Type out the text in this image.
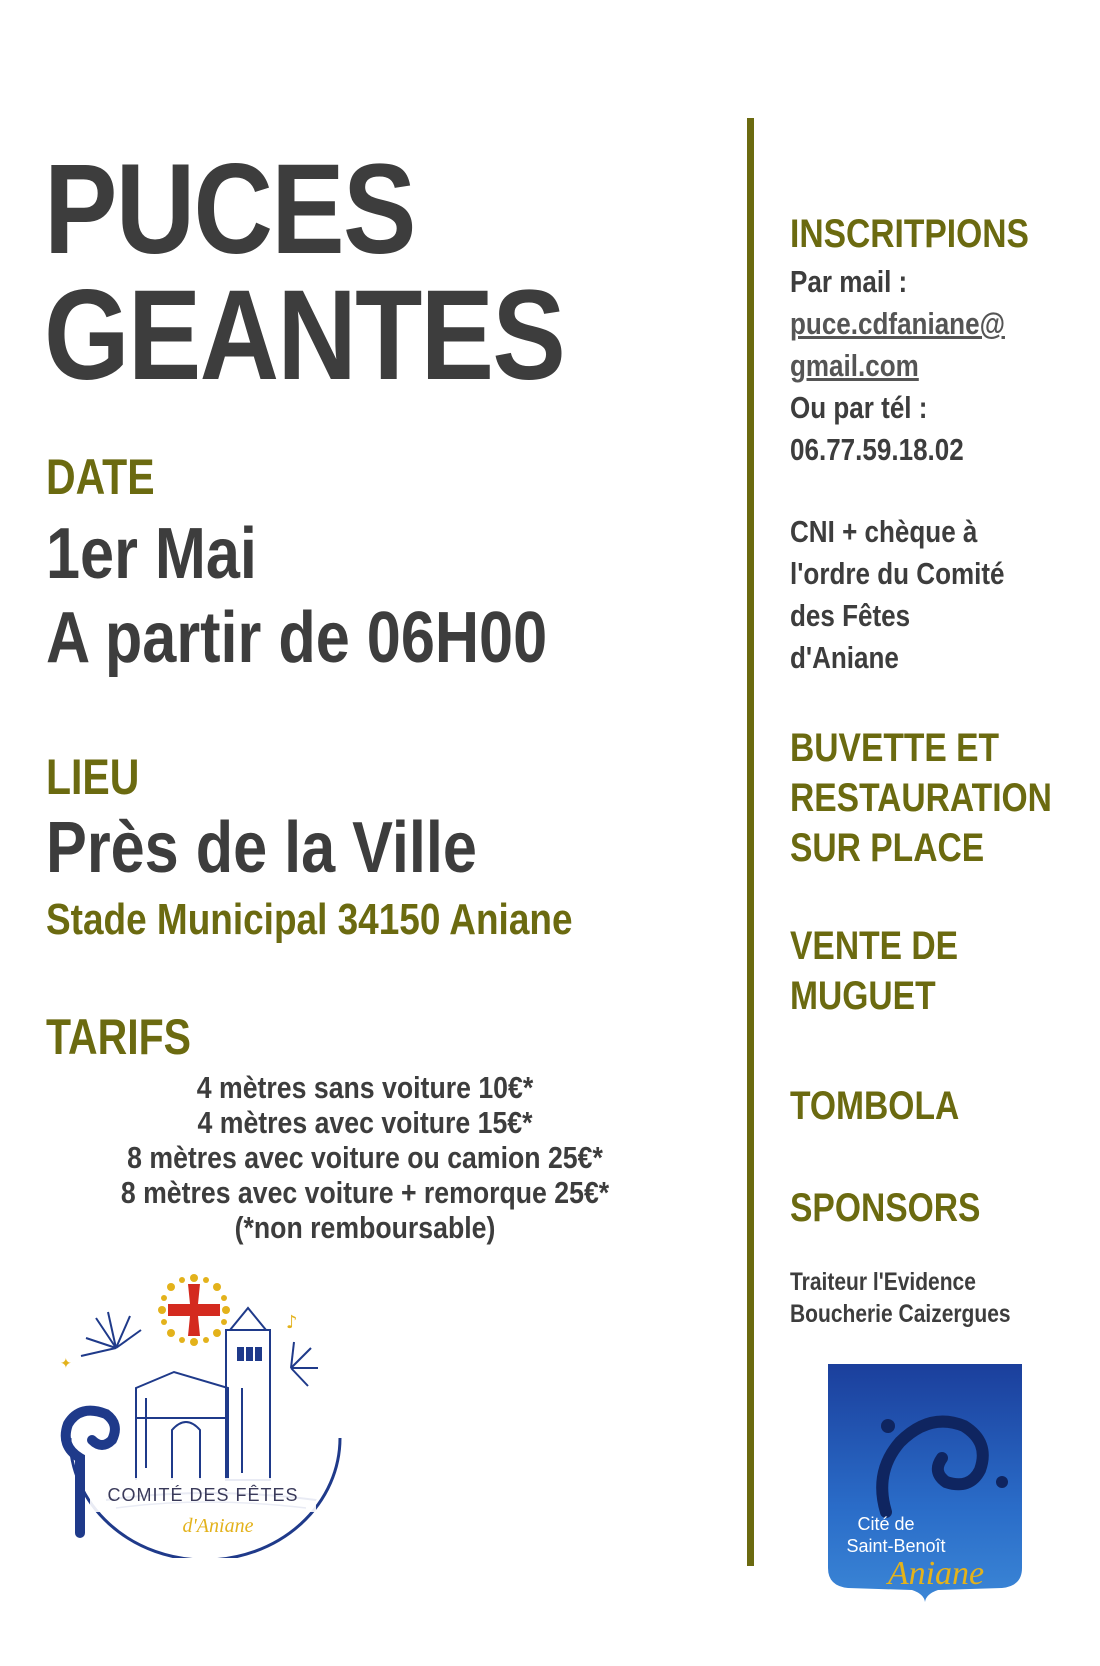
PUCES
GEANTES
DATE
1er Mai
A partir de 06H00
LIEU
Près de la Ville
Stade Municipal 34150 Aniane
TARIFS
4 mètres sans voiture 10€*
4 mètres avec voiture 15€*
8 mètres avec voiture ou camion 25€*
8 mètres avec voiture + remorque 25€*
(*non remboursable)
♪
✦
COMITÉ DES FÊTES
d'Aniane
INSCRITPIONS
Par mail :
puce.cdfaniane@
gmail.com
Ou par tél :
06.77.59.18.02
CNI + chèque à
l'ordre du Comité
des Fêtes
d'Aniane
BUVETTE ET
RESTAURATION
SUR PLACE
VENTE DE
MUGUET
TOMBOLA
SPONSORS
Traiteur l'Evidence
Boucherie Caizergues
Cité de
Saint-Benoît
Aniane
